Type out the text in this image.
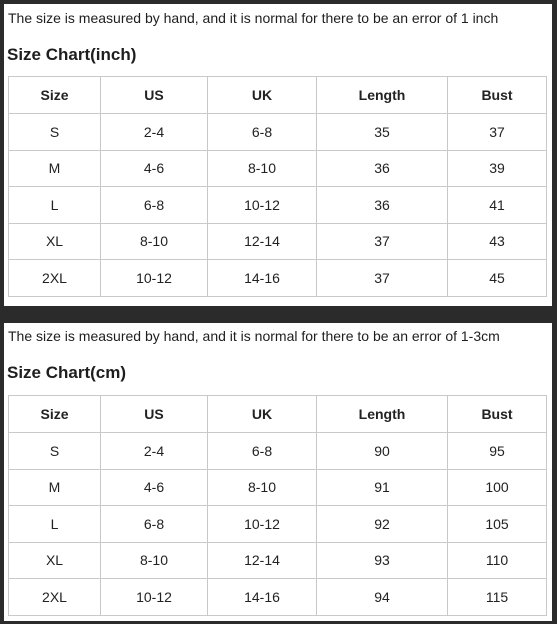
The size is measured by hand, and it is normal for there to be an error of 1 inch
Size Chart(inch)
Size	US	UK	Length	Bust
S	2-4	6-8	35	37
M	4-6	8-10	36	39
L	6-8	10-12	36	41
XL	8-10	12-14	37	43
2XL	10-12	14-16	37	45
The size is measured by hand, and it is normal for there to be an error of 1-3cm
Size Chart(cm)
Size	US	UK	Length	Bust
S	2-4	6-8	90	95
M	4-6	8-10	91	100
L	6-8	10-12	92	105
XL	8-10	12-14	93	110
2XL	10-12	14-16	94	115
